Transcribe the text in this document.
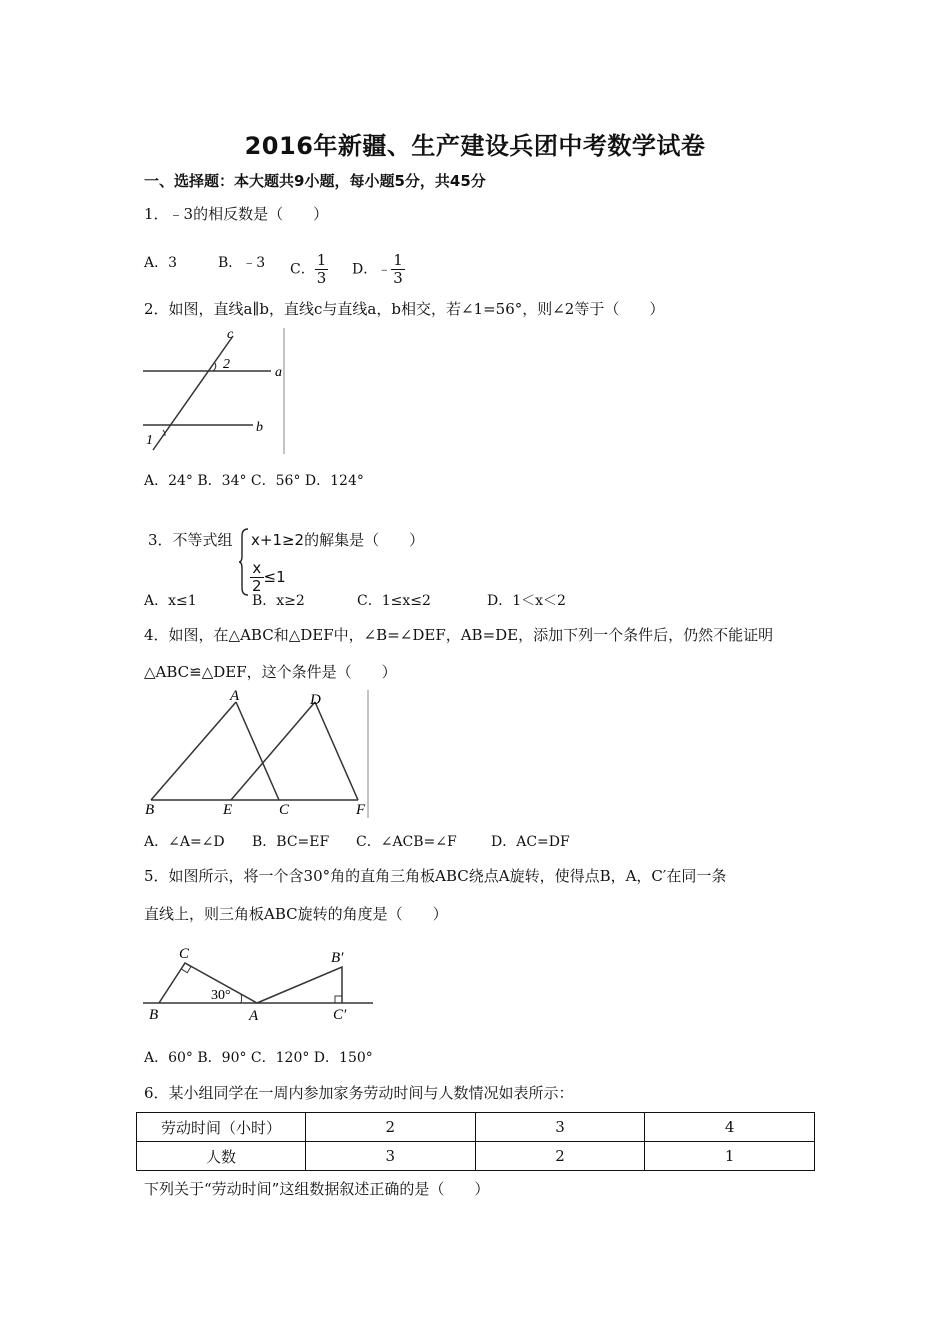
2016年新疆、生产建设兵团中考数学试卷
一、选择题：本大题共9小题，每小题5分，共45分
1．﹣3的相反数是（　　）
A．3	B．﹣3 C． $\frac{1}{3}$ D．﹣ $\frac{1}{3}$
2．如图，直线a∥b，直线c与直线a，b相交，若∠1=56°，则∠2等于（　　）
c
2
a
b
1
A．24° B．34° C．56° D．124°
3．不等式组 x+1≥2的解集是（　　）
$\frac{x}{2} \le 1$
A．x≤1	B．x≥2	C．1≤x≤2	D．1＜x＜2
4．如图，在△ABC和△DEF中，∠B=∠DEF，AB=DE，添加下列一个条件后，仍然不能证明
△ABC≌△DEF，这个条件是（　　）
A	D
B	E	C	F
A．∠A=∠D B．BC=EF C．∠ACB=∠F D．AC=DF
5．如图所示，将一个含30°角的直角三角板ABC绕点A旋转，使得点B，A，C′在同一条
直线上，则三角板ABC旋转的角度是（　　）
C
30°
B	A
B′
C′
A．60° B．90° C．120° D．150°
6．某小组同学在一周内参加家务劳动时间与人数情况如表所示：
劳动时间（小时）	2	3	4
人数	3	2	1
下列关于“劳动时间”这组数据叙述正确的是（　　）
